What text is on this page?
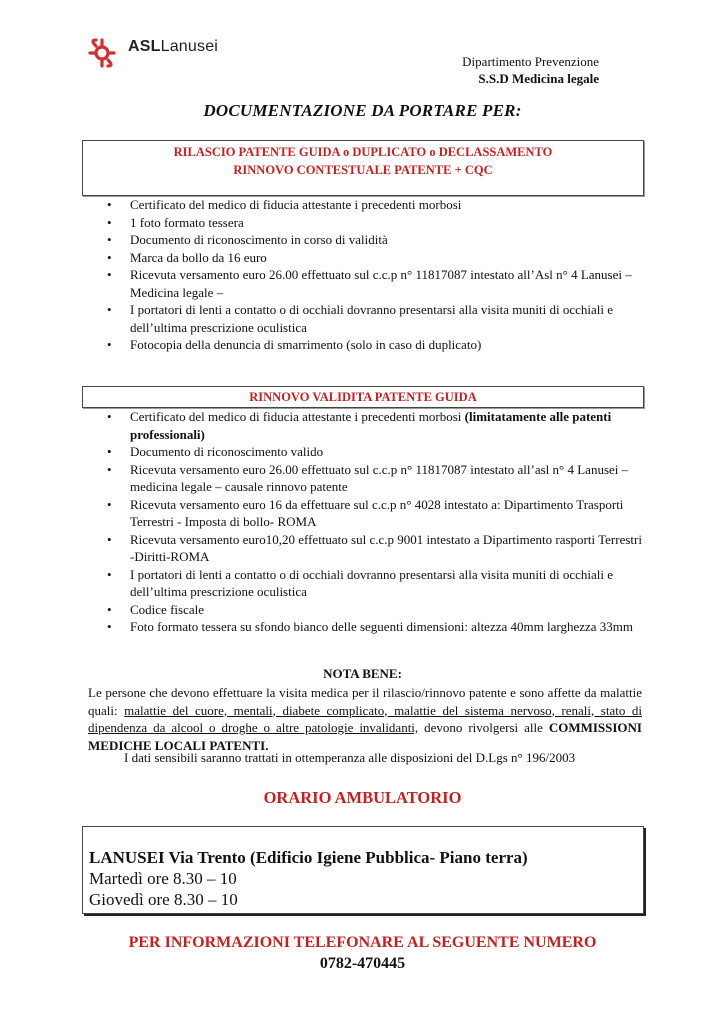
ASLLanusei
Dipartimento Prevenzione
S.S.D Medicina legale
DOCUMENTAZIONE DA PORTARE PER:
RILASCIO PATENTE GUIDA o DUPLICATO o DECLASSAMENTO
RINNOVO CONTESTUALE PATENTE + CQC
• Certificato del medico di fiducia attestante i precedenti morbosi
• 1 foto formato tessera
• Documento di riconoscimento in corso di validità
• Marca da bollo da 16 euro
• Ricevuta versamento euro 26.00 effettuato sul c.c.p n° 11817087 intestato all’Asl n° 4 Lanusei – Medicina legale –
• I portatori di lenti a contatto o di occhiali dovranno presentarsi alla visita muniti di occhiali e dell’ultima prescrizione oculistica
• Fotocopia della denuncia di smarrimento (solo in caso di duplicato)
RINNOVO VALIDITA PATENTE GUIDA
• Certificato del medico di fiducia attestante i precedenti morbosi (limitatamente alle patenti professionali)
• Documento di riconoscimento valido
• Ricevuta versamento euro 26.00 effettuato sul c.c.p n° 11817087 intestato all’asl n° 4 Lanusei – medicina legale – causale rinnovo patente
• Ricevuta versamento euro 16 da effettuare sul c.c.p n° 4028 intestato a: Dipartimento Trasporti Terrestri - Imposta di bollo- ROMA
• Ricevuta versamento euro10,20 effettuato sul c.c.p 9001 intestato a Dipartimento rasporti Terrestri -Diritti-ROMA
• I portatori di lenti a contatto o di occhiali dovranno presentarsi alla visita muniti di occhiali e dell’ultima prescrizione oculistica
• Codice fiscale
• Foto formato tessera su sfondo bianco delle seguenti dimensioni: altezza 40mm larghezza 33mm
NOTA BENE:
Le persone che devono effettuare la visita medica per il rilascio/rinnovo patente e sono affette da malattie quali: malattie del cuore, mentali, diabete complicato, malattie del sistema nervoso, renali, stato di dipendenza da alcool o droghe o altre patologie invalidanti, devono rivolgersi alle COMMISSIONI MEDICHE LOCALI PATENTI.
I dati sensibili saranno trattati in ottemperanza alle disposizioni del D.Lgs n° 196/2003
ORARIO AMBULATORIO
LANUSEI Via Trento (Edificio Igiene Pubblica- Piano terra)
Martedì ore 8.30 – 10
Giovedì ore 8.30 – 10
PER INFORMAZIONI TELEFONARE AL SEGUENTE NUMERO
0782-470445
